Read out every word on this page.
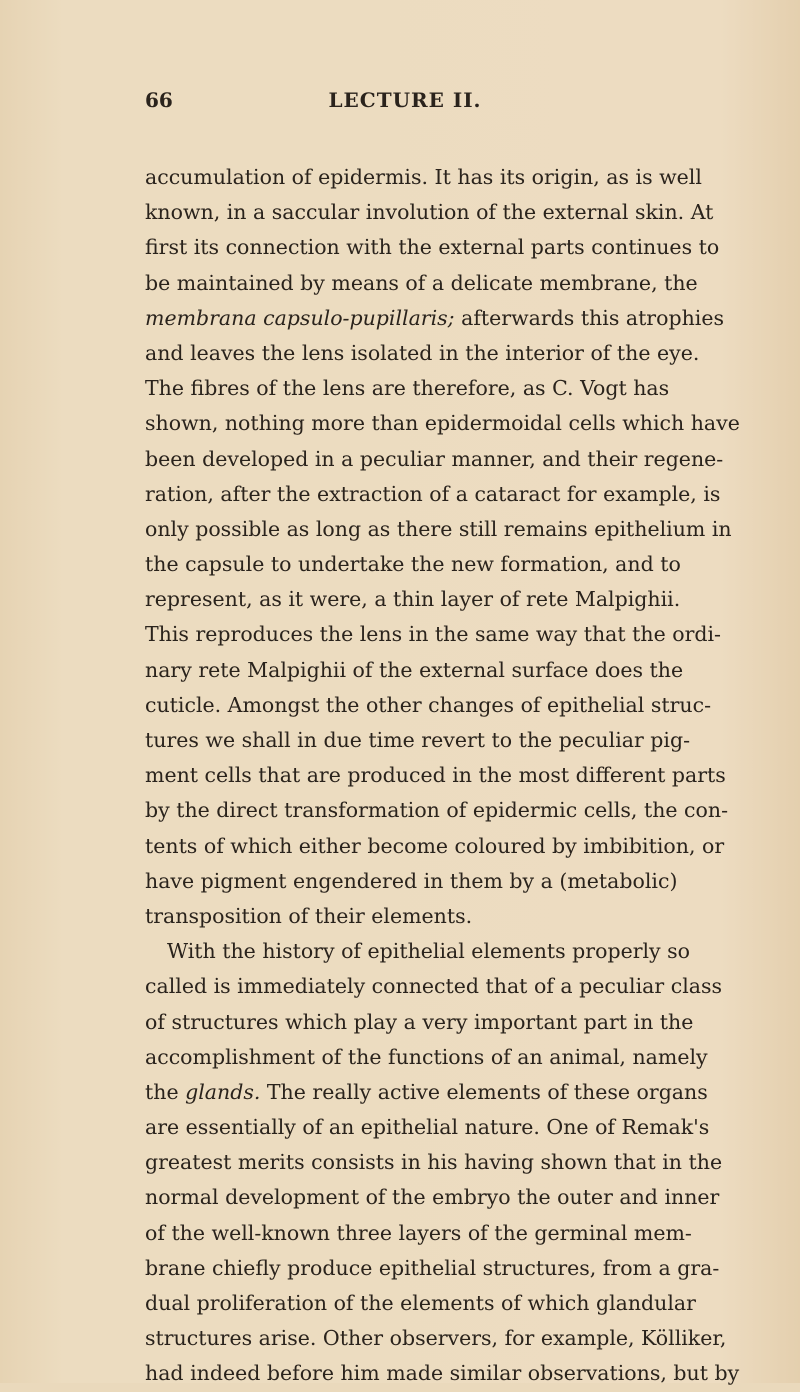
66	LECTURE II.
accumulation of epidermis. It has its origin, as is well
known, in a saccular involution of the external skin. At
first its connection with the external parts continues to
be maintained by means of a delicate membrane, the
membrana capsulo-pupillaris; afterwards this atrophies
and leaves the lens isolated in the interior of the eye.
The fibres of the lens are therefore, as C. Vogt has
shown, nothing more than epidermoidal cells which have
been developed in a peculiar manner, and their regene-
ration, after the extraction of a cataract for example, is
only possible as long as there still remains epithelium in
the capsule to undertake the new formation, and to
represent, as it were, a thin layer of rete Malpighii.
This reproduces the lens in the same way that the ordi-
nary rete Malpighii of the external surface does the
cuticle. Amongst the other changes of epithelial struc-
tures we shall in due time revert to the peculiar pig-
ment cells that are produced in the most different parts
by the direct transformation of epidermic cells, the con-
tents of which either become coloured by imbibition, or
have pigment engendered in them by a (metabolic)
transposition of their elements.
With the history of epithelial elements properly so
called is immediately connected that of a peculiar class
of structures which play a very important part in the
accomplishment of the functions of an animal, namely
the glands. The really active elements of these organs
are essentially of an epithelial nature. One of Remak's
greatest merits consists in his having shown that in the
normal development of the embryo the outer and inner
of the well-known three layers of the germinal mem-
brane chiefly produce epithelial structures, from a gra-
dual proliferation of the elements of which glandular
structures arise. Other observers, for example, Kölliker,
had indeed before him made similar observations, but by
